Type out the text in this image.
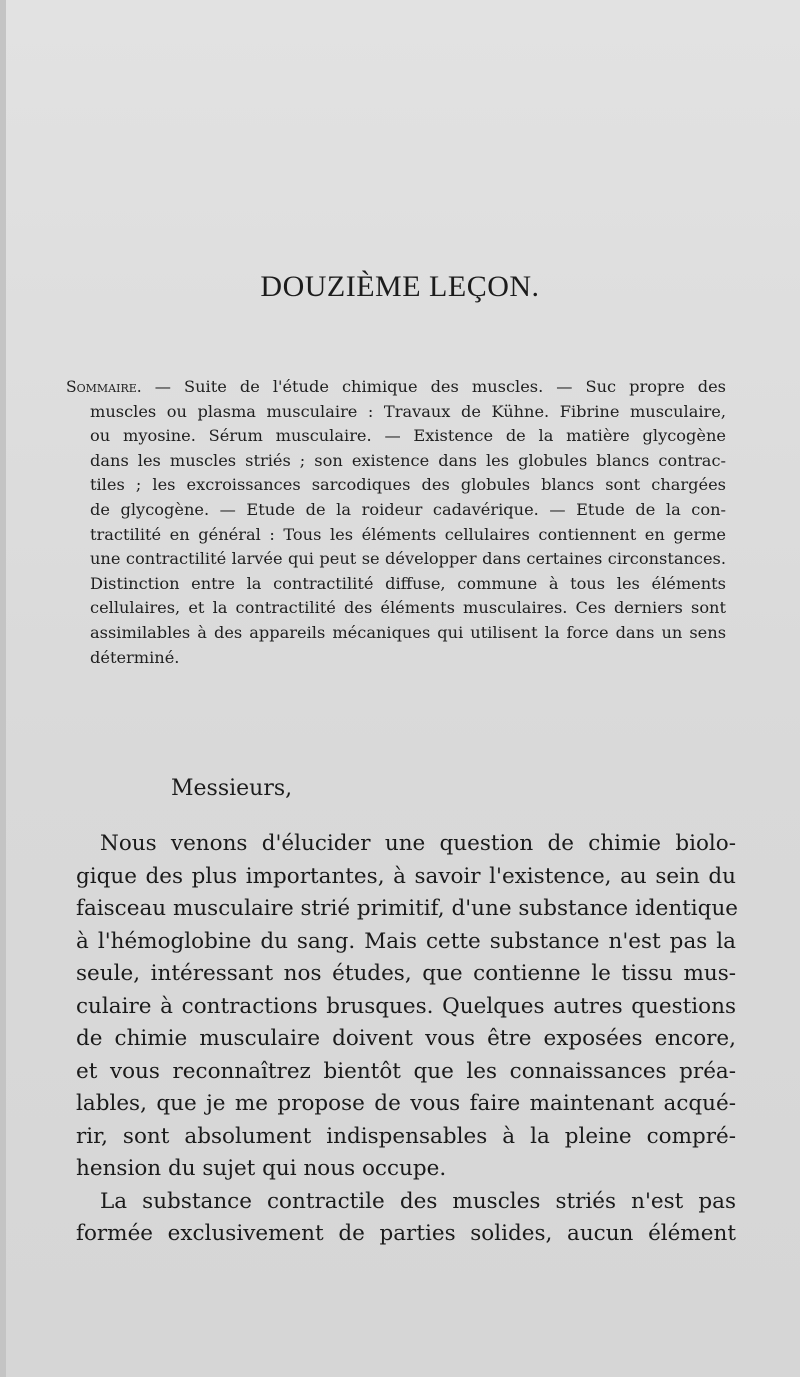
DOUZIÈME LEÇON.
Sommaire. — Suite de l'étude chimique des muscles. — Suc propre des
muscles ou plasma musculaire : Travaux de Kühne. Fibrine musculaire,
ou myosine. Sérum musculaire. — Existence de la matière glycogène
dans les muscles striés ; son existence dans les globules blancs contrac-
tiles ; les excroissances sarcodiques des globules blancs sont chargées
de glycogène. — Etude de la roideur cadavérique. — Etude de la con-
tractilité en général : Tous les éléments cellulaires contiennent en germe
une contractilité larvée qui peut se développer dans certaines circonstances.
Distinction entre la contractilité diffuse, commune à tous les éléments
cellulaires, et la contractilité des éléments musculaires. Ces derniers sont
assimilables à des appareils mécaniques qui utilisent la force dans un sens
déterminé.

Messieurs,

Nous venons d'élucider une question de chimie biolo-
gique des plus importantes, à savoir l'existence, au sein du
faisceau musculaire strié primitif, d'une substance identique
à l'hémoglobine du sang. Mais cette substance n'est pas la
seule, intéressant nos études, que contienne le tissu mus-
culaire à contractions brusques. Quelques autres questions
de chimie musculaire doivent vous être exposées encore,
et vous reconnaîtrez bientôt que les connaissances préa-
lables, que je me propose de vous faire maintenant acqué-
rir, sont absolument indispensables à la pleine compré-
hension du sujet qui nous occupe.
La substance contractile des muscles striés n'est pas
formée exclusivement de parties solides, aucun élément
